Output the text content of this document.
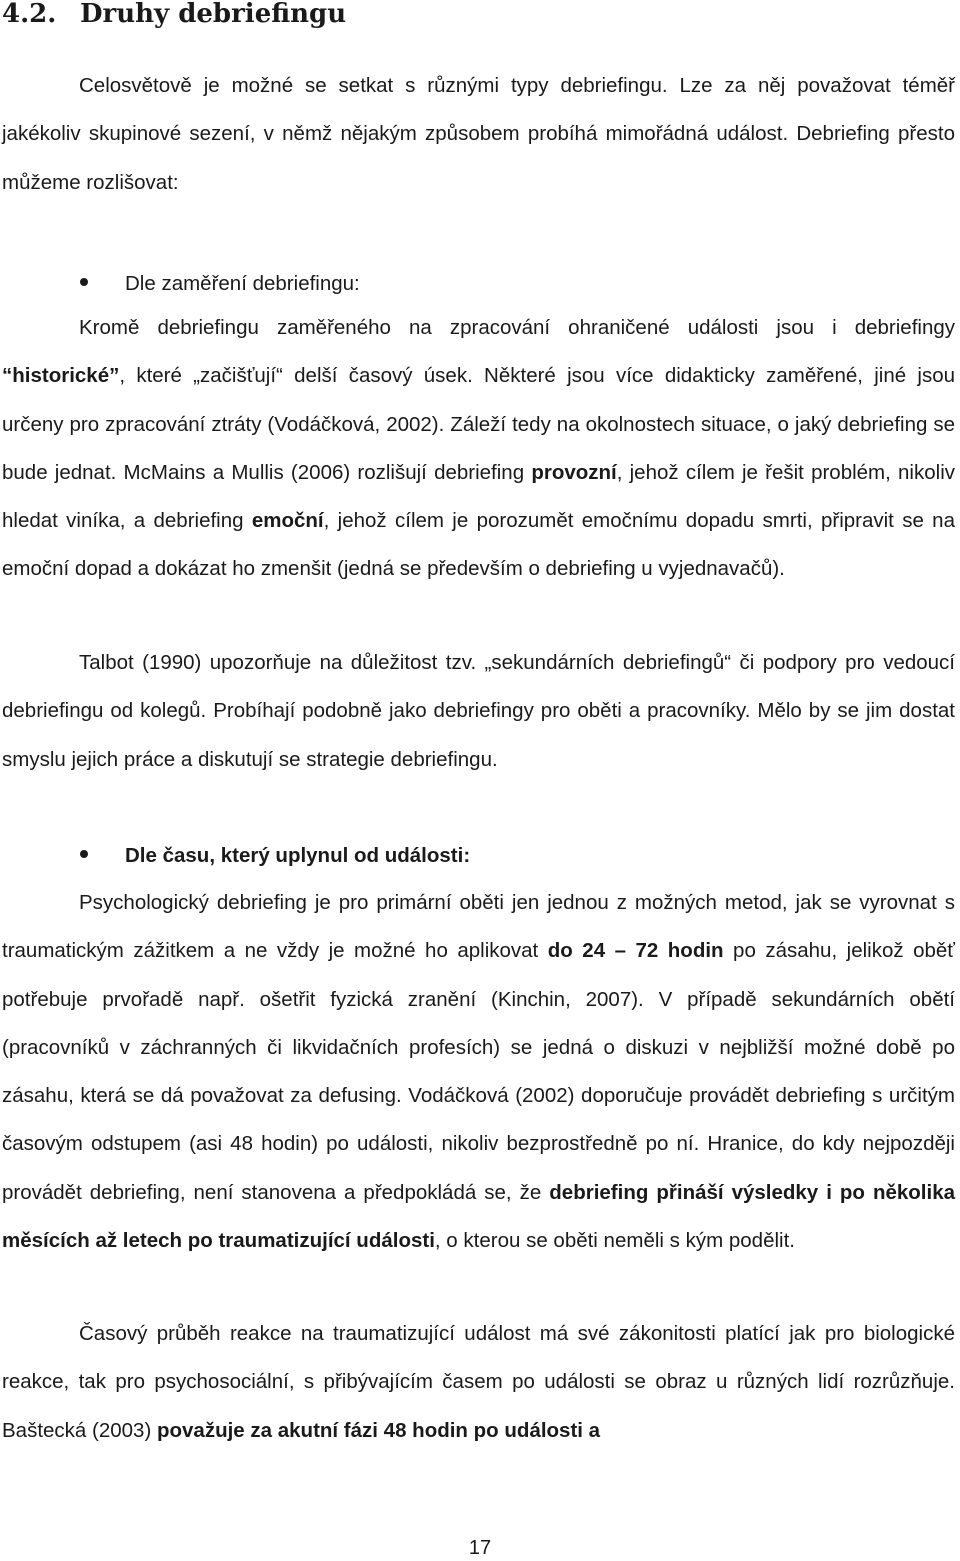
4.2. Druhy debriefingu

Celosvětově je možné se setkat s různými typy debriefingu. Lze za něj považovat téměř jakékoliv skupinové sezení, v němž nějakým způsobem probíhá mimořádná událost. Debriefing přesto můžeme rozlišovat:

Dle zaměření debriefingu:

Kromě debriefingu zaměřeného na zpracování ohraničené události jsou i debriefingy “historické”, které „začišťují“ delší časový úsek. Některé jsou více didakticky zaměřené, jiné jsou určeny pro zpracování ztráty (Vodáčková, 2002). Záleží tedy na okolnostech situace, o jaký debriefing se bude jednat. McMains a Mullis (2006) rozlišují debriefing provozní, jehož cílem je řešit problém, nikoliv hledat viníka, a debriefing emoční, jehož cílem je porozumět emočnímu dopadu smrti, připravit se na emoční dopad a dokázat ho zmenšit (jedná se především o debriefing u vyjednavačů).

Talbot (1990) upozorňuje na důležitost tzv. „sekundárních debriefingů“ či podpory pro vedoucí debriefingu od kolegů. Probíhají podobně jako debriefingy pro oběti a pracovníky. Mělo by se jim dostat smyslu jejich práce a diskutují se strategie debriefingu.

Dle času, který uplynul od události:

Psychologický debriefing je pro primární oběti jen jednou z možných metod, jak se vyrovnat s traumatickým zážitkem a ne vždy je možné ho aplikovat do 24 – 72 hodin po zásahu, jelikož oběť potřebuje prvořadě např. ošetřit fyzická zranění (Kinchin, 2007). V případě sekundárních obětí (pracovníků v záchranných či likvidačních profesích) se jedná o diskuzi v nejbližší možné době po zásahu, která se dá považovat za defusing. Vodáčková (2002) doporučuje provádět debriefing s určitým časovým odstupem (asi 48 hodin) po události, nikoliv bezprostředně po ní. Hranice, do kdy nejpozději provádět debriefing, není stanovena a předpokládá se, že debriefing přináší výsledky i po několika měsících až letech po traumatizující události, o kterou se oběti neměli s kým podělit.

Časový průběh reakce na traumatizující událost má své zákonitosti platící jak pro biologické reakce, tak pro psychosociální, s přibývajícím časem po události se obraz u různých lidí rozrůzňuje. Baštecká (2003) považuje za akutní fázi 48 hodin po události a

17
